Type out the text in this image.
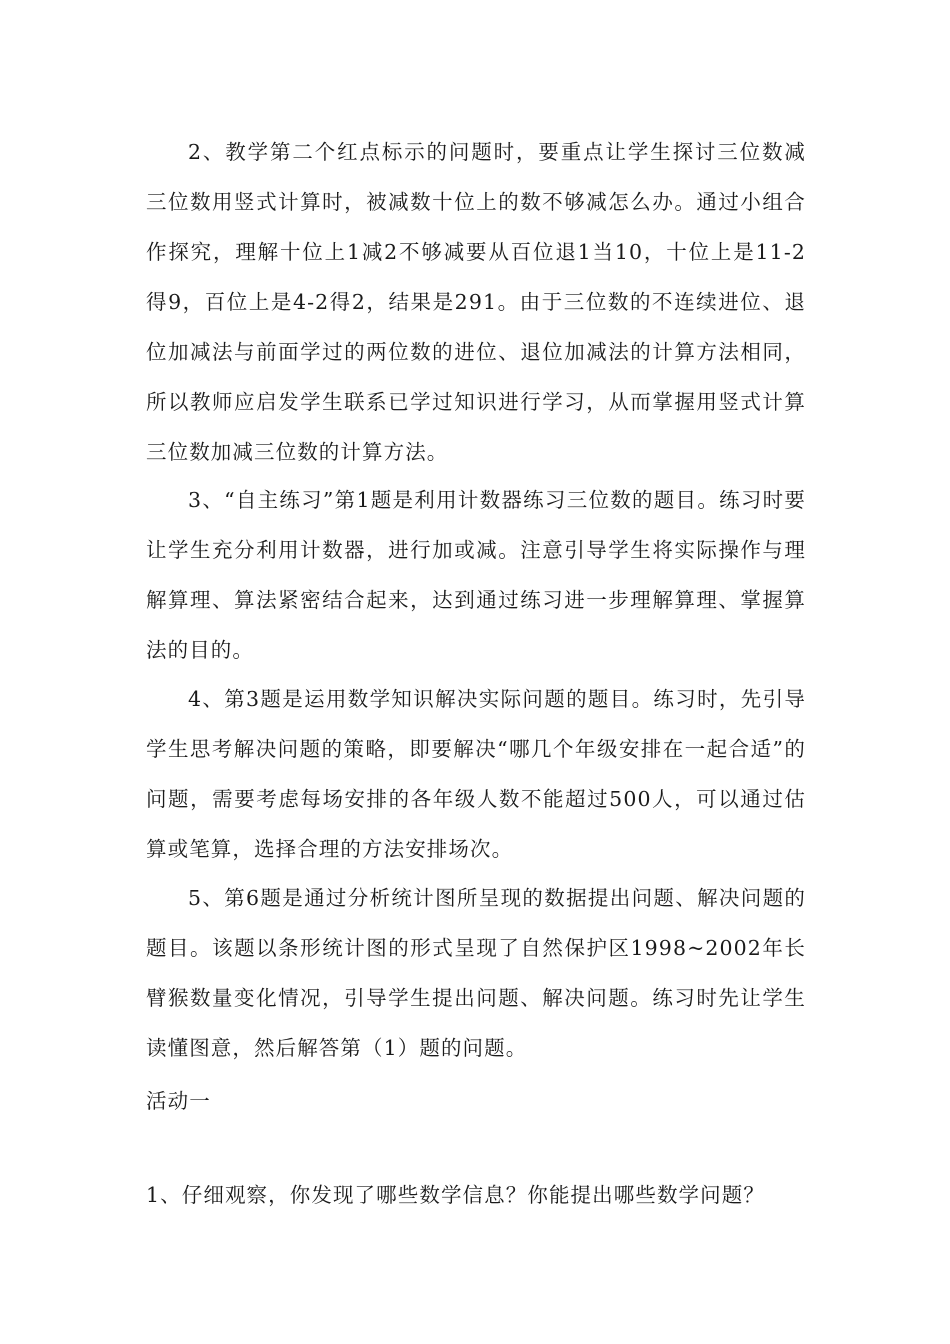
2、教学第二个红点标示的问题时，要重点让学生探讨三位数减三位数用竖式计算时，被减数十位上的数不够减怎么办。通过小组合作探究，理解十位上1减2不够减要从百位退1当10，十位上是11-2得9，百位上是4-2得2，结果是291。由于三位数的不连续进位、退位加减法与前面学过的两位数的进位、退位加减法的计算方法相同，所以教师应启发学生联系已学过知识进行学习，从而掌握用竖式计算三位数加减三位数的计算方法。

3、“自主练习”第1题是利用计数器练习三位数的题目。练习时要让学生充分利用计数器，进行加或减。注意引导学生将实际操作与理解算理、算法紧密结合起来，达到通过练习进一步理解算理、掌握算法的目的。

4、第3题是运用数学知识解决实际问题的题目。练习时，先引导学生思考解决问题的策略，即要解决“哪几个年级安排在一起合适”的问题，需要考虑每场安排的各年级人数不能超过500人，可以通过估算或笔算，选择合理的方法安排场次。

5、第6题是通过分析统计图所呈现的数据提出问题、解决问题的题目。该题以条形统计图的形式呈现了自然保护区1998~2002年长臂猴数量变化情况，引导学生提出问题、解决问题。练习时先让学生读懂图意，然后解答第（1）题的问题。

活动一

1、仔细观察，你发现了哪些数学信息？你能提出哪些数学问题？
